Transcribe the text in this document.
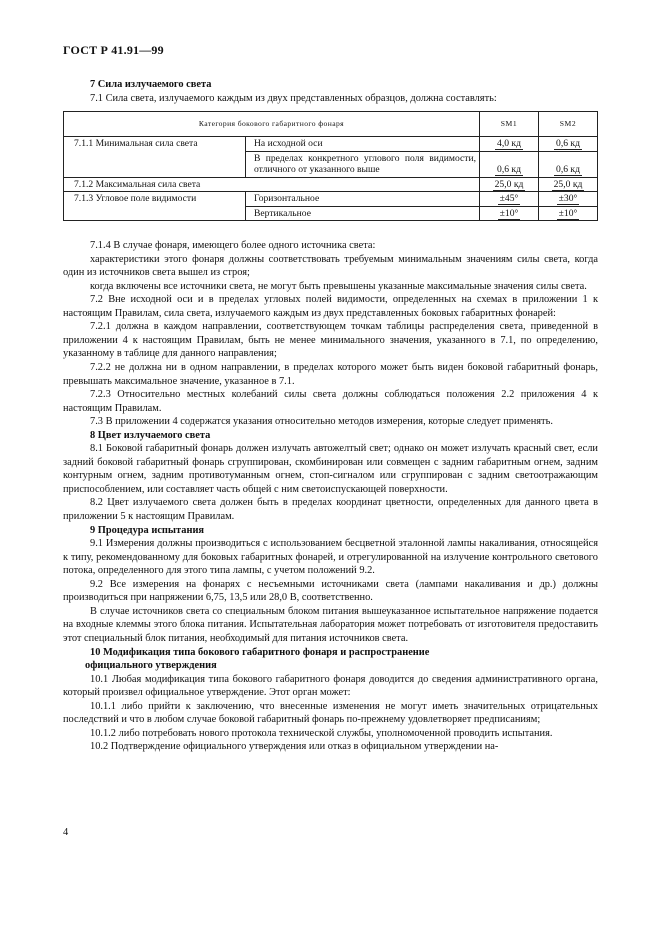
ГОСТ Р 41.91—99

7 Сила излучаемого света

7.1 Сила света, излучаемого каждым из двух представленных образцов, должна составлять:

Категория бокового габаритного фонаря		SM1	SM2
7.1.1 Минимальная сила света	На исходной оси	4,0 кд	0,6 кд
	В пределах конкретного углового поля видимости, отличного от указанного выше	0,6 кд	0,6 кд
7.1.2 Максимальная сила света		25,0 кд	25,0 кд
7.1.3 Угловое поле видимости	Горизонтальное	±45°	±30°
	Вертикальное	±10°	±10°

7.1.4 В случае фонаря, имеющего более одного источника света:

характеристики этого фонаря должны соответствовать требуемым минимальным значениям силы света, когда один из источников света вышел из строя;

когда включены все источники света, не могут быть превышены указанные максимальные значения силы света.

7.2 Вне исходной оси и в пределах угловых полей видимости, определенных на схемах в приложении 1 к настоящим Правилам, сила света, излучаемого каждым из двух представленных боковых габаритных фонарей:

7.2.1 должна в каждом направлении, соответствующем точкам таблицы распределения света, приведенной в приложении 4 к настоящим Правилам, быть не менее минимального значения, указанного в 7.1, по определению, указанному в таблице для данного направления;

7.2.2 не должна ни в одном направлении, в пределах которого может быть виден боковой габаритный фонарь, превышать максимальное значение, указанное в 7.1.

7.2.3 Относительно местных колебаний силы света должны соблюдаться положения 2.2 приложения 4 к настоящим Правилам.

7.3 В приложении 4 содержатся указания относительно методов измерения, которые следует применять.

8 Цвет излучаемого света

8.1 Боковой габаритный фонарь должен излучать автожелтый свет; однако он может излучать красный свет, если задний боковой габаритный фонарь сгруппирован, скомбинирован или совмещен с задним габаритным огнем, задним контурным огнем, задним противотуманным огнем, стоп-сигналом или сгруппирован с задним светоотражающим приспособлением, или составляет часть общей с ним светоиспускающей поверхности.

8.2 Цвет излучаемого света должен быть в пределах координат цветности, определенных для данного цвета в приложении 5 к настоящим Правилам.

9 Процедура испытания

9.1 Измерения должны производиться с использованием бесцветной эталонной лампы накаливания, относящейся к типу, рекомендованному для боковых габаритных фонарей, и отрегулированной на излучение контрольного светового потока, определенного для этого типа лампы, с учетом положений 9.2.

9.2 Все измерения на фонарях с несъемными источниками света (лампами накаливания и др.) должны производиться при напряжении 6,75, 13,5 или 28,0 В, соответственно.

В случае источников света со специальным блоком питания вышеуказанное испытательное напряжение подается на входные клеммы этого блока питания. Испытательная лаборатория может потребовать от изготовителя предоставить этот специальный блок питания, необходимый для питания источников света.

10 Модификация типа бокового габаритного фонаря и распространение

официального утверждения

10.1 Любая модификация типа бокового габаритного фонаря доводится до сведения административного органа, который произвел официальное утверждение. Этот орган может:

10.1.1 либо прийти к заключению, что внесенные изменения не могут иметь значительных отрицательных последствий и что в любом случае боковой габаритный фонарь по-прежнему удовлетворяет предписаниям;

10.1.2 либо потребовать нового протокола технической службы, уполномоченной проводить испытания.

10.2 Подтверждение официального утверждения или отказ в официальном утверждении на-

4
